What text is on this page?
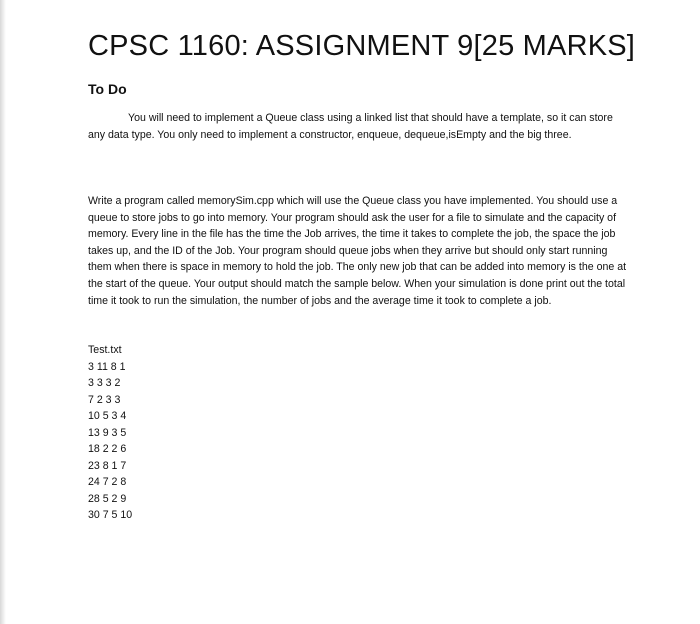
CPSC 1160: ASSIGNMENT 9[25 MARKS]
To Do

You will need to implement a Queue class using a linked list that should have a template, so it can store any data type. You only need to implement a constructor, enqueue, dequeue,isEmpty and the big three.

Write a program called memorySim.cpp which will use the Queue class you have implemented. You should use a queue to store jobs to go into memory. Your program should ask the user for a file to simulate and the capacity of memory. Every line in the file has the time the Job arrives, the time it takes to complete the job, the space the job takes up, and the ID of the Job. Your program should queue jobs when they arrive but should only start running them when there is space in memory to hold the job. The only new job that can be added into memory is the one at the start of the queue. Your output should match the sample below. When your simulation is done print out the total time it took to run the simulation, the number of jobs and the average time it took to complete a job.

Test.txt
3 11 8 1
3 3 3 2
7 2 3 3
10 5 3 4
13 9 3 5
18 2 2 6
23 8 1 7
24 7 2 8
28 5 2 9
30 7 5 10
